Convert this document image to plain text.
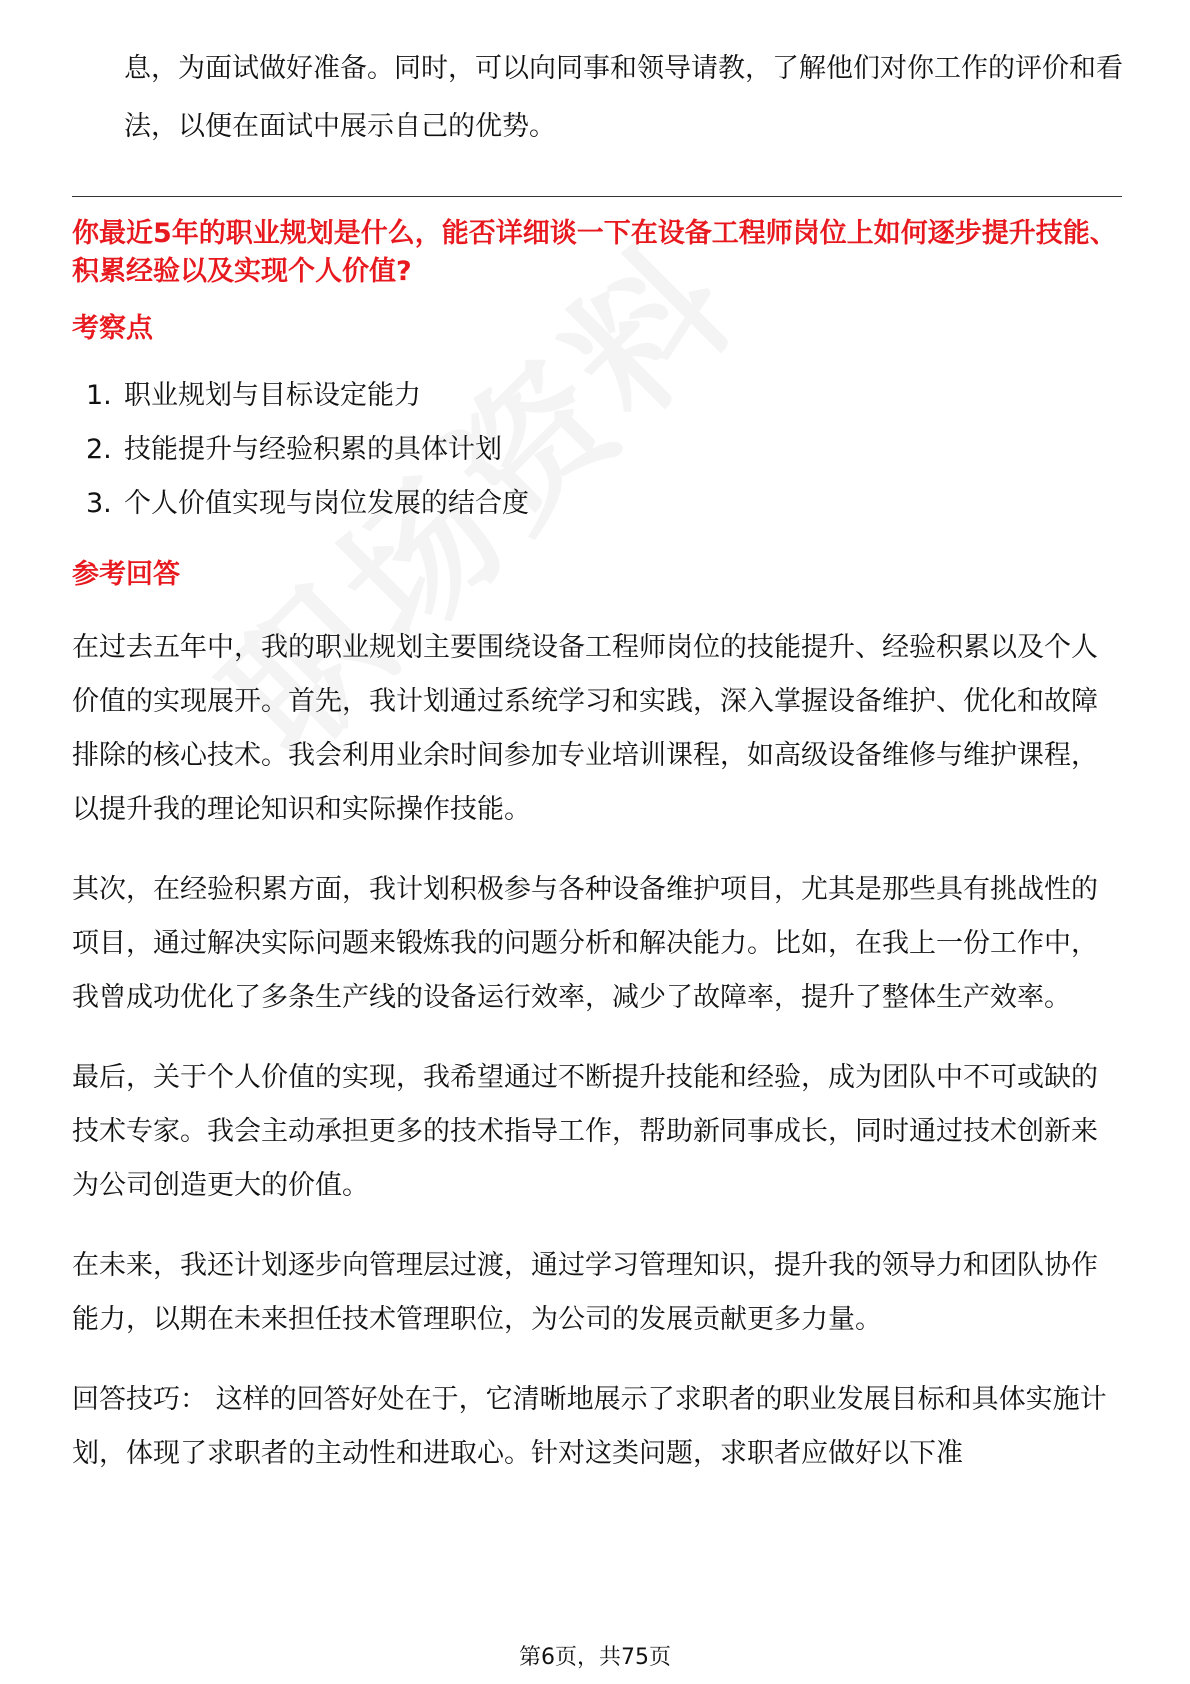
息，为面试做好准备。同时，可以向同事和领导请教，了解他们对你工作的评价和看法，以便在面试中展示自己的优势。

你最近5年的职业规划是什么，能否详细谈一下在设备工程师岗位上如何逐步提升技能、积累经验以及实现个人价值?
考察点
1. 职业规划与目标设定能力
2. 技能提升与经验积累的具体计划
3. 个人价值实现与岗位发展的结合度
参考回答

在过去五年中，我的职业规划主要围绕设备工程师岗位的技能提升、经验积累以及个人价值的实现展开。首先，我计划通过系统学习和实践，深入掌握设备维护、优化和故障排除的核心技术。我会利用业余时间参加专业培训课程，如高级设备维修与维护课程，以提升我的理论知识和实际操作技能。

其次，在经验积累方面，我计划积极参与各种设备维护项目，尤其是那些具有挑战性的项目，通过解决实际问题来锻炼我的问题分析和解决能力。比如，在我上一份工作中，我曾成功优化了多条生产线的设备运行效率，减少了故障率，提升了整体生产效率。

最后，关于个人价值的实现，我希望通过不断提升技能和经验，成为团队中不可或缺的技术专家。我会主动承担更多的技术指导工作，帮助新同事成长，同时通过技术创新来为公司创造更大的价值。

在未来，我还计划逐步向管理层过渡，通过学习管理知识，提升我的领导力和团队协作能力，以期在未来担任技术管理职位，为公司的发展贡献更多力量。

回答技巧： 这样的回答好处在于，它清晰地展示了求职者的职业发展目标和具体实施计划，体现了求职者的主动性和进取心。针对这类问题，求职者应做好以下准

第6页，共75页
